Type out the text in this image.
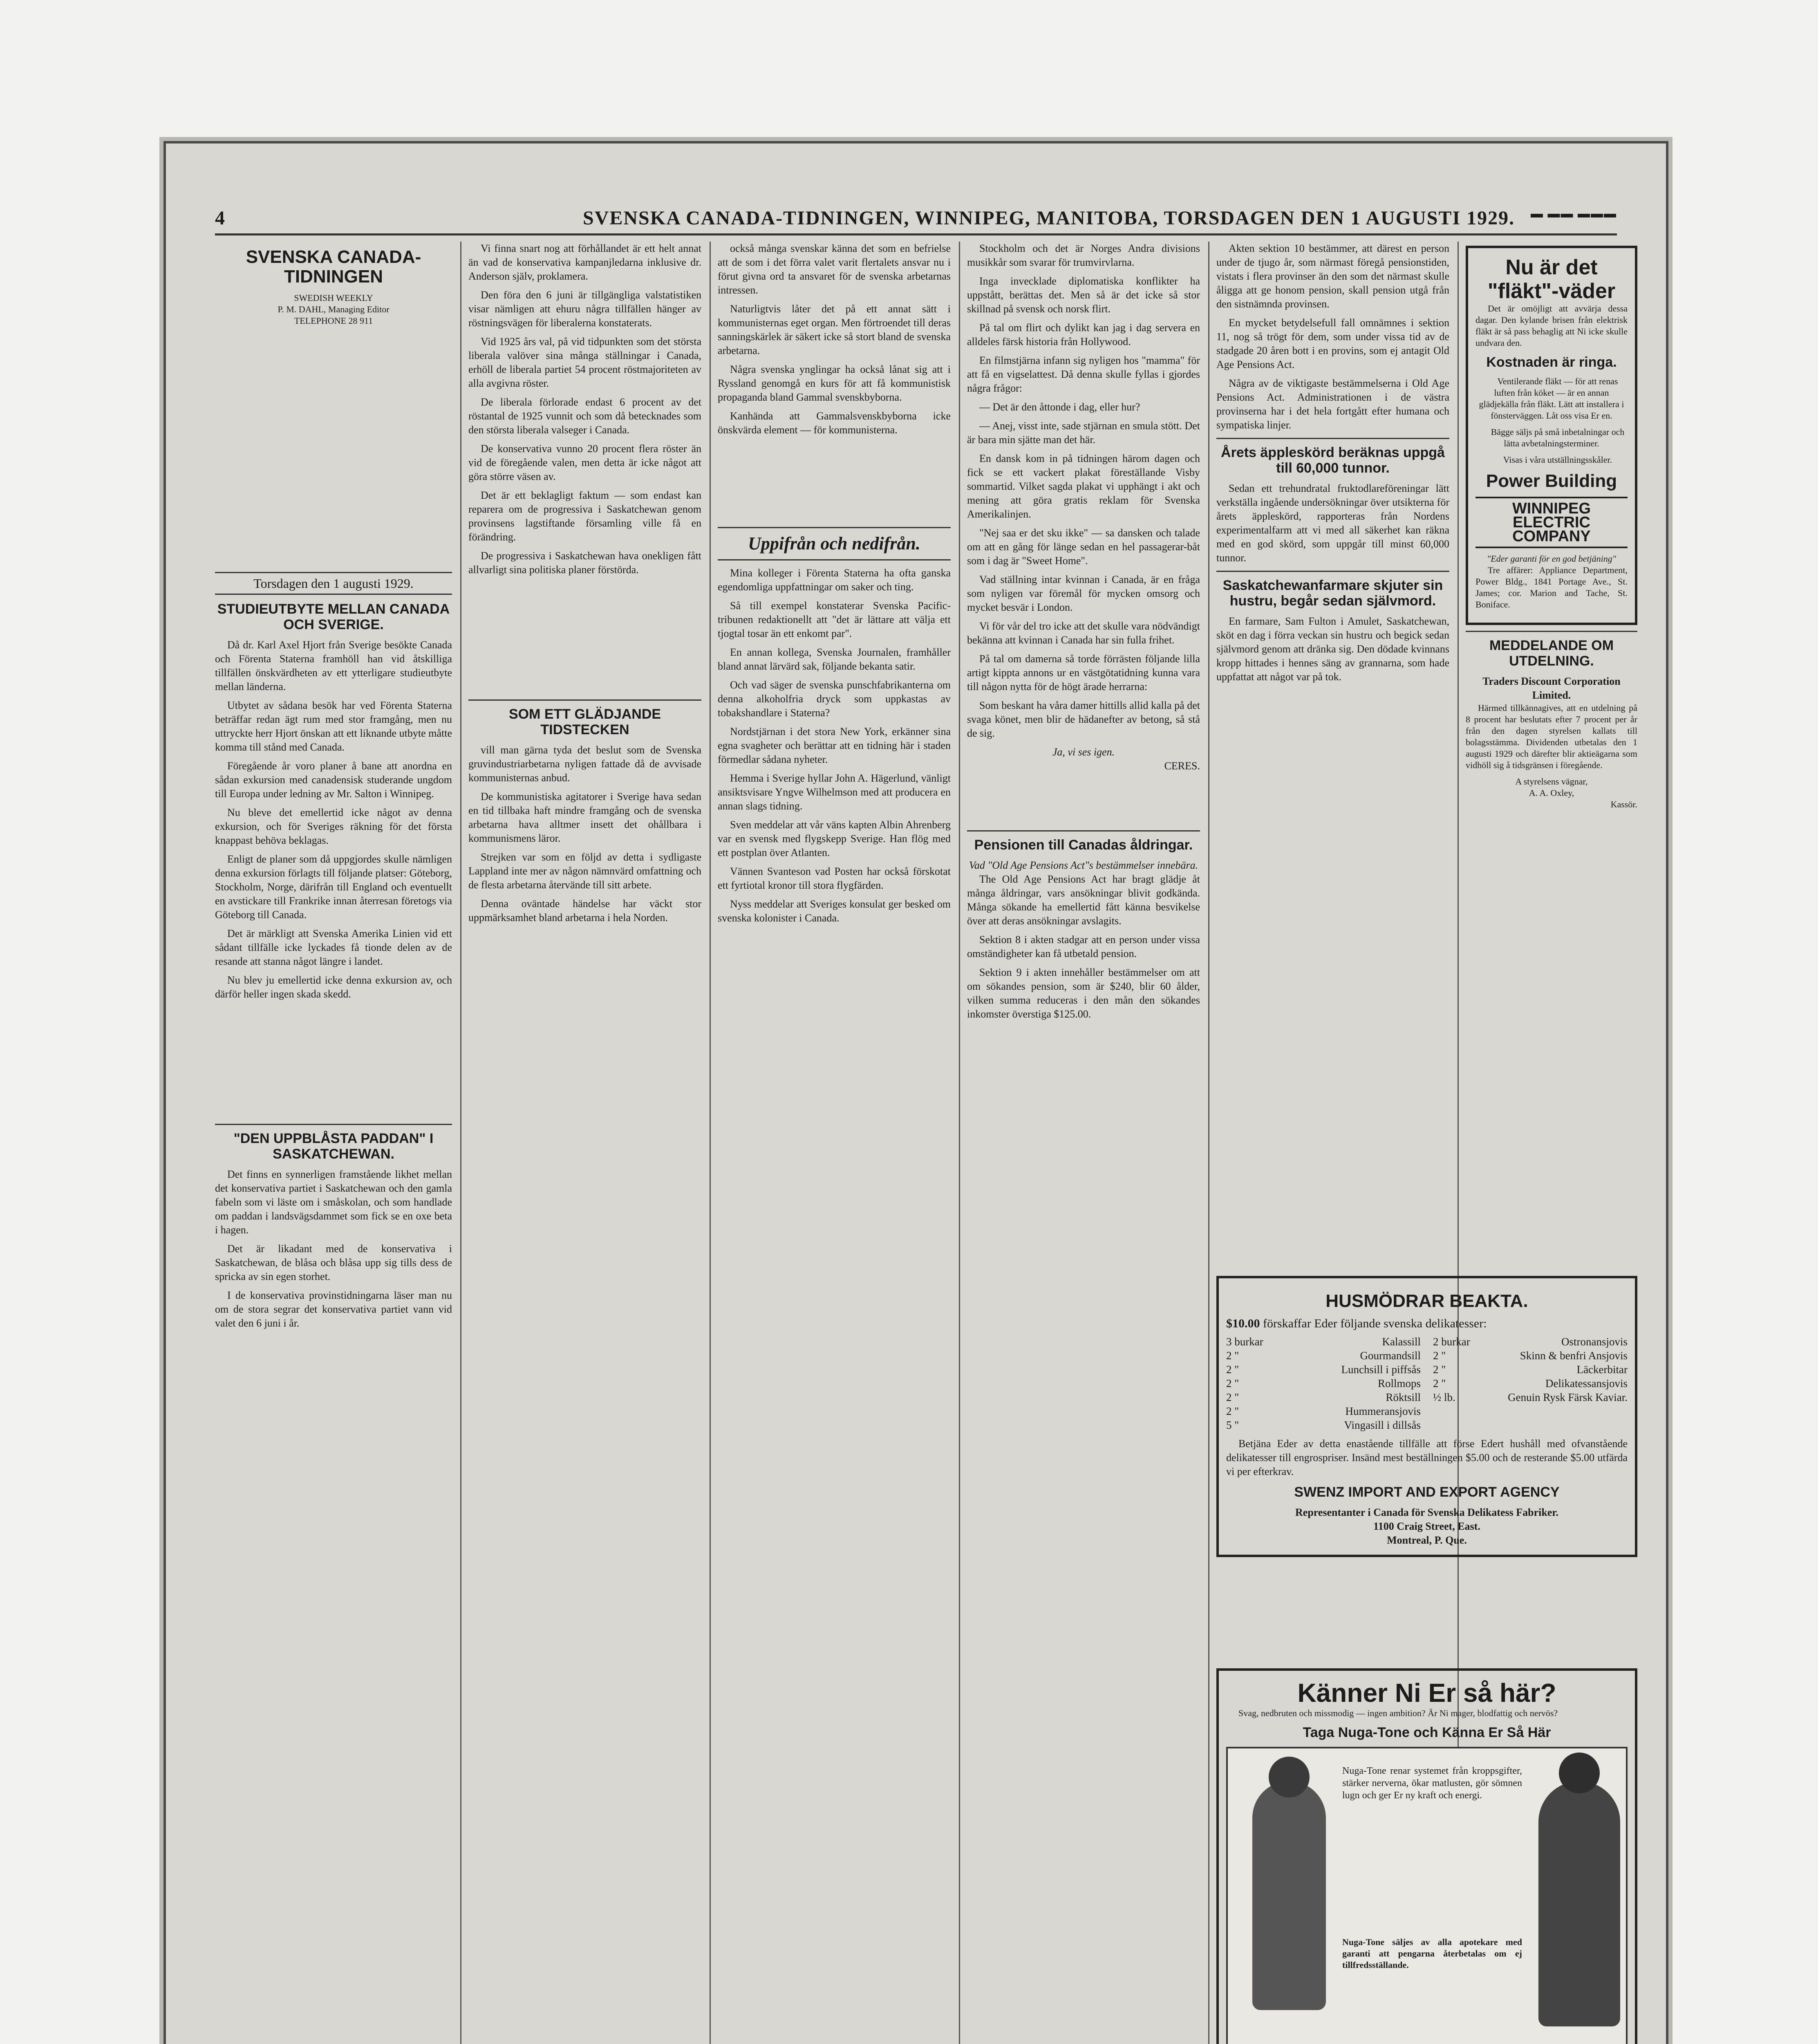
4	SVENSKA CANADA-TIDNINGEN, WINNIPEG, MANITOBA, TORSDAGEN DEN 1 AUGUSTI 1929. ▬ ▬▬ ▬▬▬
SVENSKA CANADA-TIDNINGEN
SWEDISH WEEKLY
P. M. DAHL, Managing Editor
TELEPHONE 28 911
Torsdagen den 1 augusti 1929.
STUDIEUTBYTE MELLAN CANADA OCH SVERIGE.

Då dr. Karl Axel Hjort från Sverige besökte Canada och Förenta Staterna framhöll han vid åtskilliga tillfällen önskvärdheten av ett ytterligare studieutbyte mellan länderna.

Utbytet av sådana besök har ved Förenta Staterna beträffar redan ägt rum med stor framgång, men nu uttryckte herr Hjort önskan att ett liknande utbyte måtte komma till stånd med Canada.

Föregående år voro planer å bane att anordna en sådan exkursion med canadensisk studerande ungdom till Europa under ledning av Mr. Salton i Winnipeg.

Nu bleve det emellertid icke något av denna exkursion, och för Sveriges räkning för det första knappast behöva beklagas.

Enligt de planer som då uppgjordes skulle nämligen denna exkursion förlagts till följande platser: Göteborg, Stockholm, Norge, därifrån till England och eventuellt en avstickare till Frankrike innan återresan företogs via Göteborg till Canada.

Det är märkligt att Svenska Amerika Linien vid ett sådant tillfälle icke lyckades få tionde delen av de resande att stanna något längre i landet.

Nu blev ju emellertid icke denna exkursion av, och därför heller ingen skada skedd.

"DEN UPPBLÅSTA PADDAN" I SASKATCHEWAN.

Det finns en synnerligen framstående likhet mellan det konservativa partiet i Saskatchewan och den gamla fabeln som vi läste om i småskolan, och som handlade om paddan i landsvägsdammet som fick se en oxe beta i hagen.

Det är likadant med de konservativa i Saskatchewan, de blåsa och blåsa upp sig tills dess de spricka av sin egen storhet.

I de konservativa provinstidningarna läser man nu om de stora segrar det konservativa partiet vann vid valet den 6 juni i år.

Vi finna snart nog att förhållandet är ett helt annat än vad de konservativa kampanjledarna inklusive dr. Anderson själv, proklamera.

Den föra den 6 juni är tillgängliga valstatistiken visar nämligen att ehuru några tillfällen hänger av röstningsvägen för liberalerna konstaterats.

Vid 1925 års val, på vid tidpunkten som det största liberala valöver sina många ställningar i Canada, erhöll de liberala partiet 54 procent röstmajoriteten av alla avgivna röster.

De liberala förlorade endast 6 procent av det röstantal de 1925 vunnit och som då betecknades som den största liberala valseger i Canada.

De konservativa vunno 20 procent flera röster än vid de föregående valen, men detta är icke något att göra större väsen av.

Det är ett beklagligt faktum — som endast kan reparera om de progressiva i Saskatchewan genom provinsens lagstiftande församling ville få en förändring.

De progressiva i Saskatchewan hava onekligen fått allvarligt sina politiska planer förstörda.

SOM ETT GLÄDJANDE TIDSTECKEN

vill man gärna tyda det beslut som de Svenska gruvindustriarbetarna nyligen fattade då de avvisade kommunisternas anbud.

De kommunistiska agitatorer i Sverige hava sedan en tid tillbaka haft mindre framgång och de svenska arbetarna hava alltmer insett det ohållbara i kommunismens läror.

Strejken var som en följd av detta i sydligaste Lappland inte mer av någon nämnvärd omfattning och de flesta arbetarna återvände till sitt arbete.

Denna oväntade händelse har väckt stor uppmärksamhet bland arbetarna i hela Norden.

också många svenskar känna det som en befrielse att de som i det förra valet varit flertalets ansvar nu i förut givna ord ta ansvaret för de svenska arbetarnas intressen.

Naturligtvis låter det på ett annat sätt i kommunisternas eget organ. Men förtroendet till deras sanningskärlek är säkert icke så stort bland de svenska arbetarna.

Några svenska ynglingar ha också lånat sig att i Ryssland genomgå en kurs för att få kommunistisk propaganda bland Gammal svenskbyborna.

Kanhända att Gammalsvenskbyborna icke önskvärda element — för kommunisterna.

Uppifrån och nedifrån.

Mina kolleger i Förenta Staterna ha ofta ganska egendomliga uppfattningar om saker och ting.

Så till exempel konstaterar Svenska Pacific-tribunen redaktionellt att "det är lättare att välja ett tjogtal tosar än ett enkomt par".

En annan kollega, Svenska Journalen, framhåller bland annat lärvärd sak, följande bekanta satir.

Och vad säger de svenska punschfabrikanterna om denna alkoholfria dryck som uppkastas av tobakshandlare i Staterna?

Nordstjärnan i det stora New York, erkänner sina egna svagheter och berättar att en tidning här i staden förmedlar sådana nyheter.

Hemma i Sverige hyllar John A. Hägerlund, vänligt ansiktsvisare Yngve Wilhelmson med att producera en annan slags tidning.

Sven meddelar att vår väns kapten Albin Ahrenberg var en svensk med flygskepp Sverige. Han flög med ett postplan över Atlanten.

Vännen Svanteson vad Posten har också förskotat ett fyrtiotal kronor till stora flygfärden.

Nyss meddelar att Sveriges konsulat ger besked om svenska kolonister i Canada.

Stockholm och det är Norges Andra divisions musikkår som svarar för trumvirvlarna.

Inga invecklade diplomatiska konflikter ha uppstått, berättas det. Men så är det icke så stor skillnad på svensk och norsk flirt.

På tal om flirt och dylikt kan jag i dag servera en alldeles färsk historia från Hollywood.

En filmstjärna infann sig nyligen hos "mamma" för att få en vigselattest. Då denna skulle fyllas i gjordes några frågor:

— Det är den åttonde i dag, eller hur?

— Anej, visst inte, sade stjärnan en smula stött. Det är bara min sjätte man det här.

En dansk kom in på tidningen härom dagen och fick se ett vackert plakat föreställande Visby sommartid. Vilket sagda plakat vi upphängt i akt och mening att göra gratis reklam för Svenska Amerikalinjen.

"Nej saa er det sku ikke" — sa dansken och talade om att en gång för länge sedan en hel passagerar-båt som i dag är "Sweet Home".

Vad ställning intar kvinnan i Canada, är en fråga som nyligen var föremål för mycken omsorg och mycket besvär i London.

Vi för vår del tro icke att det skulle vara nödvändigt bekänna att kvinnan i Canada har sin fulla frihet.

På tal om damerna så torde förrästen följande lilla artigt kippta annons ur en västgötatidning kunna vara till någon nytta för de högt ärade herrarna:

Som beskant ha våra damer hittills allid kalla på det svaga könet, men blir de hädanefter av betong, så stå de sig.

Ja, vi ses igen.
CERES.
Pensionen till Canadas åldringar.
Vad "Old Age Pensions Act"s bestämmelser innebära.

The Old Age Pensions Act har bragt glädje åt många åldringar, vars ansökningar blivit godkända. Många sökande ha emellertid fått känna besvikelse över att deras ansökningar avslagits.

Sektion 8 i akten stadgar att en person under vissa omständigheter kan få utbetald pension.

Sektion 9 i akten innehåller bestämmelser om att om sökandes pension, som är $240, blir 60 ålder, vilken summa reduceras i den mån den sökandes inkomster överstiga $125.00.

Akten sektion 10 bestämmer, att därest en person under de tjugo år, som närmast föregå pensionstiden, vistats i flera provinser än den som det närmast skulle åligga att ge honom pension, skall pension utgå från den sistnämnda provinsen.

En mycket betydelsefull fall omnämnes i sektion 11, nog så trögt för dem, som under vissa tid av de stadgade 20 åren bott i en provins, som ej antagit Old Age Pensions Act.

Några av de viktigaste bestämmelserna i Old Age Pensions Act. Administrationen i de västra provinserna har i det hela fortgått efter humana och sympatiska linjer.

Årets äppleskörd beräknas uppgå till 60,000 tunnor.

Sedan ett trehundratal fruktodlareföreningar lätt verkställa ingående undersökningar över utsikterna för årets äppleskörd, rapporteras från Nordens experimentalfarm att vi med all säkerhet kan räkna med en god skörd, som uppgår till minst 60,000 tunnor.

Saskatchewanfarmare skjuter sin hustru, begår sedan självmord.

En farmare, Sam Fulton i Amulet, Saskatchewan, sköt en dag i förra veckan sin hustru och begick sedan självmord genom att dränka sig. Den dödade kvinnans kropp hittades i hennes säng av grannarna, som hade uppfattat att något var på tok.

Nu är det "fläkt"-väder

Det är omöjligt att avvärja dessa dagar. Den kylande brisen från elektrisk fläkt är så pass behaglig att Ni icke skulle undvara den.

Kostnaden är ringa.

Ventilerande fläkt — för att renas luften från köket — är en annan glädjekälla från fläkt. Lätt att installera i fönsterväggen. Låt oss visa Er en.

Bägge säljs på små inbetalningar och lätta avbetalningsterminer.

Visas i våra utställningsskåler.

Power Building
WINNIPEG ELECTRIC COMPANY
"Eder garanti för en god betjäning"

Tre affärer: Appliance Department, Power Bldg., 1841 Portage Ave., St. James; cor. Marion and Tache, St. Boniface.

MEDDELANDE OM UTDELNING.
Traders Discount Corporation Limited.

Härmed tillkännagives, att en utdelning på 8 procent har beslutats efter 7 procent per år från den dagen styrelsen kallats till bolagsstämma. Dividenden utbetalas den 1 augusti 1929 och därefter blir aktieägarna som vidhöll sig å tidsgränsen i föregående.

A styrelsens vägnar,
A. A. Oxley,
Kassör.
HUSMÖDRAR BEAKTA.
$10.00 förskaffar Eder följande svenska delikatesser:
3 burkar	Kalassill
2 "	Gourmandsill
2 "	Lunchsill i piffsås
2 "	Rollmops
2 "	Röktsill
2 "	Hummeransjovis
5 "	Vingasill i dillsås
2 burkar	Ostronansjovis
2 "	Skinn & benfri Ansjovis
2 "	Läckerbitar
2 "	Delikatessansjovis
½ lb.	Genuin Rysk Färsk Kaviar.

Betjäna Eder av detta enastående tillfälle att förse Edert hushåll med ofvanstående delikatesser till engrospriser. Insänd mest beställningen $5.00 och de resterande $5.00 utfärda vi per efterkrav.

SWENZ IMPORT AND EXPORT AGENCY
Representanter i Canada för Svenska Delikatess Fabriker.
1100 Craig Street, East.
Montreal, P. Que.
Känner Ni Er så här?

Svag, nedbruten och missmodig — ingen ambition? Är Ni mager, blodfattig och nervös?

Taga Nuga-Tone och Känna Er Så Här
Nuga-Tone renar systemet från kroppsgifter, stärker nerverna, ökar matlusten, gör sömnen lugn och ger Er ny kraft och energi.
Nuga-Tone säljes av alla apotekare med garanti att pengarna återbetalas om ej tillfredsställande.
